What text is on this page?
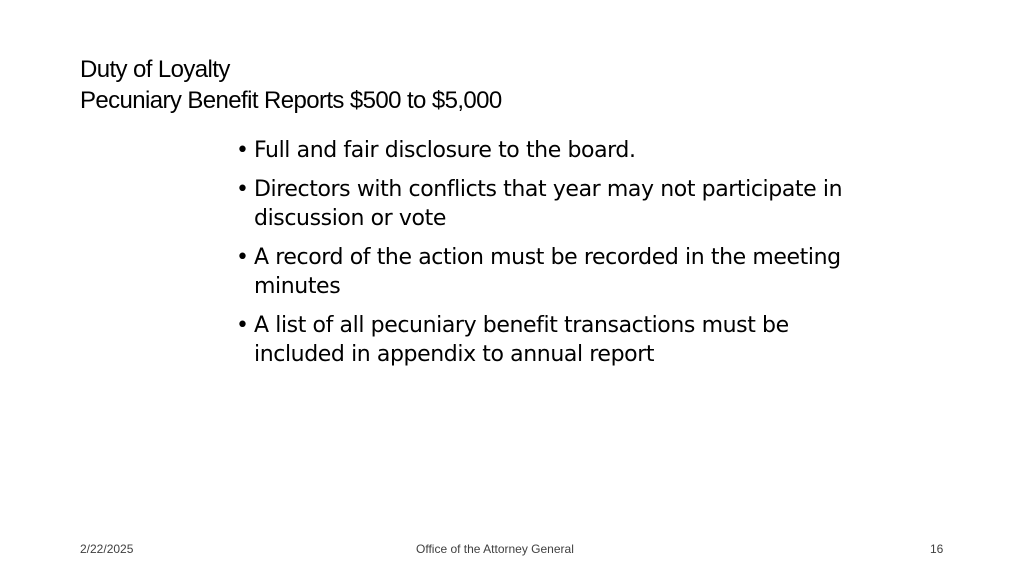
Duty of Loyalty
Pecuniary Benefit Reports $500 to $5,000
• Full and fair disclosure to the board.
• Directors with conflicts that year may not participate in discussion or vote
• A record of the action must be recorded in the meeting minutes
• A list of all pecuniary benefit transactions must be included in appendix to annual report
2/22/2025	Office of the Attorney General	16
